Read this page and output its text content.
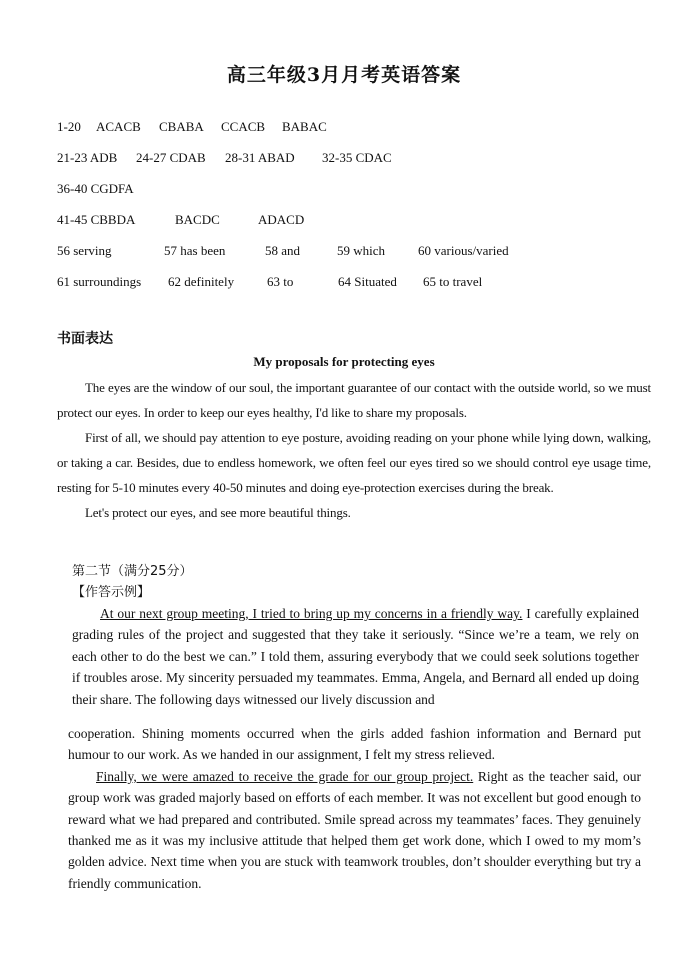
高三年级3月月考英语答案
1-20 ACACB CBABA CCACB BABAC
21-23 ADB 24-27 CDAB 28-31 ABAD 32-35 CDAC
36-40 CGDFA
41-45 CBBDA	BACDC	ADACD
56 serving	57 has been	58 and	59 which	60 various/varied
61 surroundings 62 definitely	63 to	64 Situated 65 to travel
书面表达
My proposals for protecting eyes

The eyes are the window of our soul, the important guarantee of our contact with the outside world, so we must protect our eyes. In order to keep our eyes healthy, I'd like to share my proposals.

First of all, we should pay attention to eye posture, avoiding reading on your phone while lying down, walking, or taking a car. Besides, due to endless homework, we often feel our eyes tired so we should control eye usage time, resting for 5-10 minutes every 40-50 minutes and doing eye-protection exercises during the break.

Let's protect our eyes, and see more beautiful things.

第二节（满分25分）
【作答示例】

At our next group meeting, I tried to bring up my concerns in a friendly way. I carefully explained grading rules of the project and suggested that they take it seriously. “Since we’re a team, we rely on each other to do the best we can.” I told them, assuring everybody that we could seek solutions together if troubles arose. My sincerity persuaded my teammates. Emma, Angela, and Bernard all ended up doing their share. The following days witnessed our lively discussion and

cooperation. Shining moments occurred when the girls added fashion information and Bernard put humour to our work. As we handed in our assignment, I felt my stress relieved.

Finally, we were amazed to receive the grade for our group project. Right as the teacher said, our group work was graded majorly based on efforts of each member. It was not excellent but good enough to reward what we had prepared and contributed. Smile spread across my teammates’ faces. They genuinely thanked me as it was my inclusive attitude that helped them get work done, which I owed to my mom’s golden advice. Next time when you are stuck with teamwork troubles, don’t shoulder everything but try a friendly communication.
